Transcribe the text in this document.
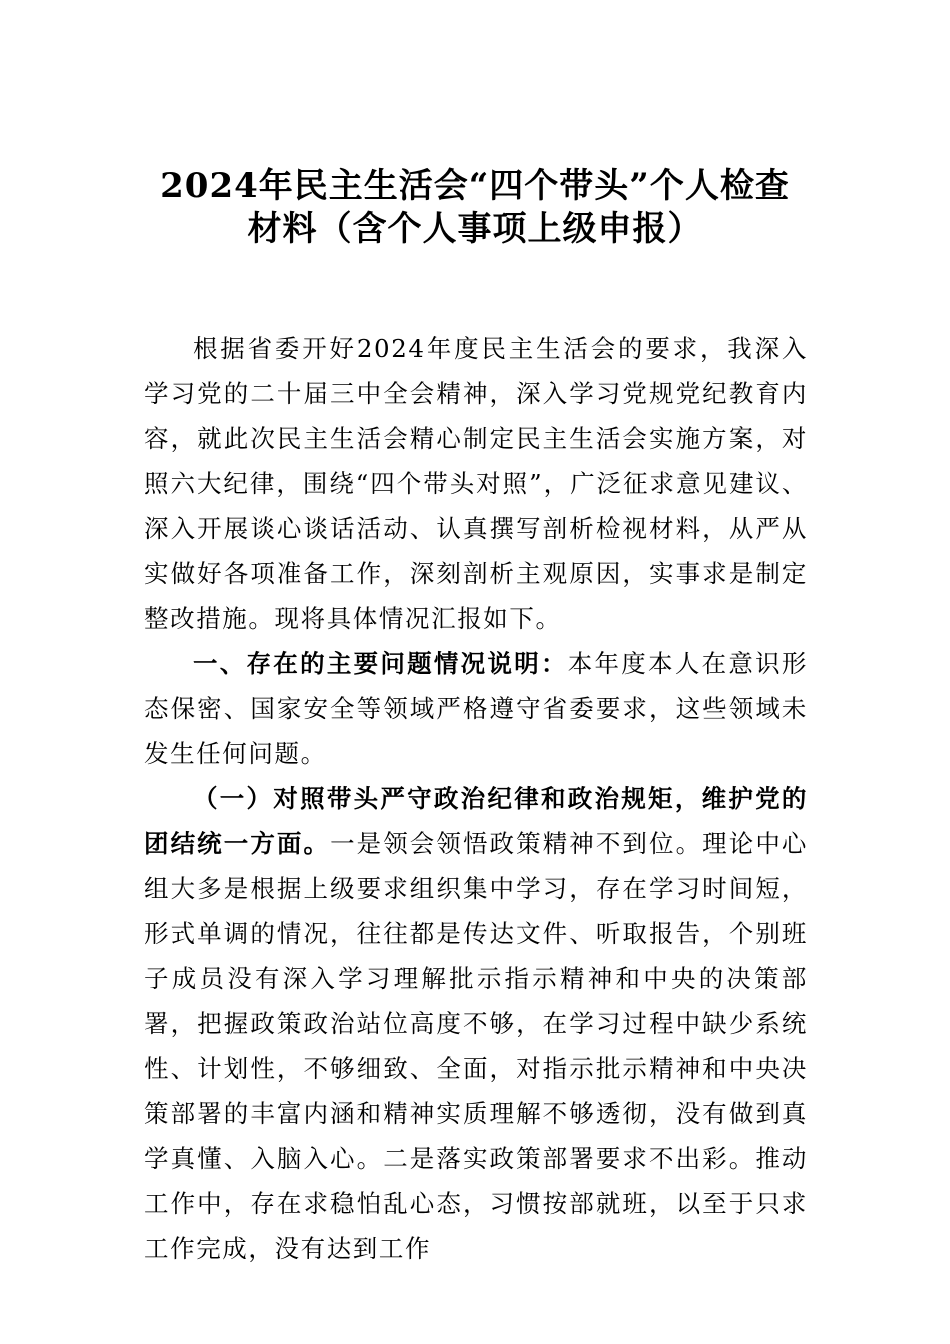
2024年民主生活会“四个带头”个人检查
材料（含个人事项上级申报）

根据省委开好2024年度民主生活会的要求，我深入学习党的二十届三中全会精神，深入学习党规党纪教育内容，就此次民主生活会精心制定民主生活会实施方案，对照六大纪律，围绕“四个带头对照”，广泛征求意见建议、深入开展谈心谈话活动、认真撰写剖析检视材料，从严从实做好各项准备工作，深刻剖析主观原因，实事求是制定整改措施。现将具体情况汇报如下。

一、存在的主要问题情况说明：本年度本人在意识形态保密、国家安全等领域严格遵守省委要求，这些领域未发生任何问题。

（一）对照带头严守政治纪律和政治规矩，维护党的团结统一方面。一是领会领悟政策精神不到位。理论中心组大多是根据上级要求组织集中学习，存在学习时间短，形式单调的情况，往往都是传达文件、听取报告，个别班子成员没有深入学习理解批示指示精神和中央的决策部署，把握政策政治站位高度不够，在学习过程中缺少系统性、计划性，不够细致、全面，对指示批示精神和中央决策部署的丰富内涵和精神实质理解不够透彻，没有做到真学真懂、入脑入心。二是落实政策部署要求不出彩。推动工作中，存在求稳怕乱心态，习惯按部就班，以至于只求工作完成，没有达到工作
